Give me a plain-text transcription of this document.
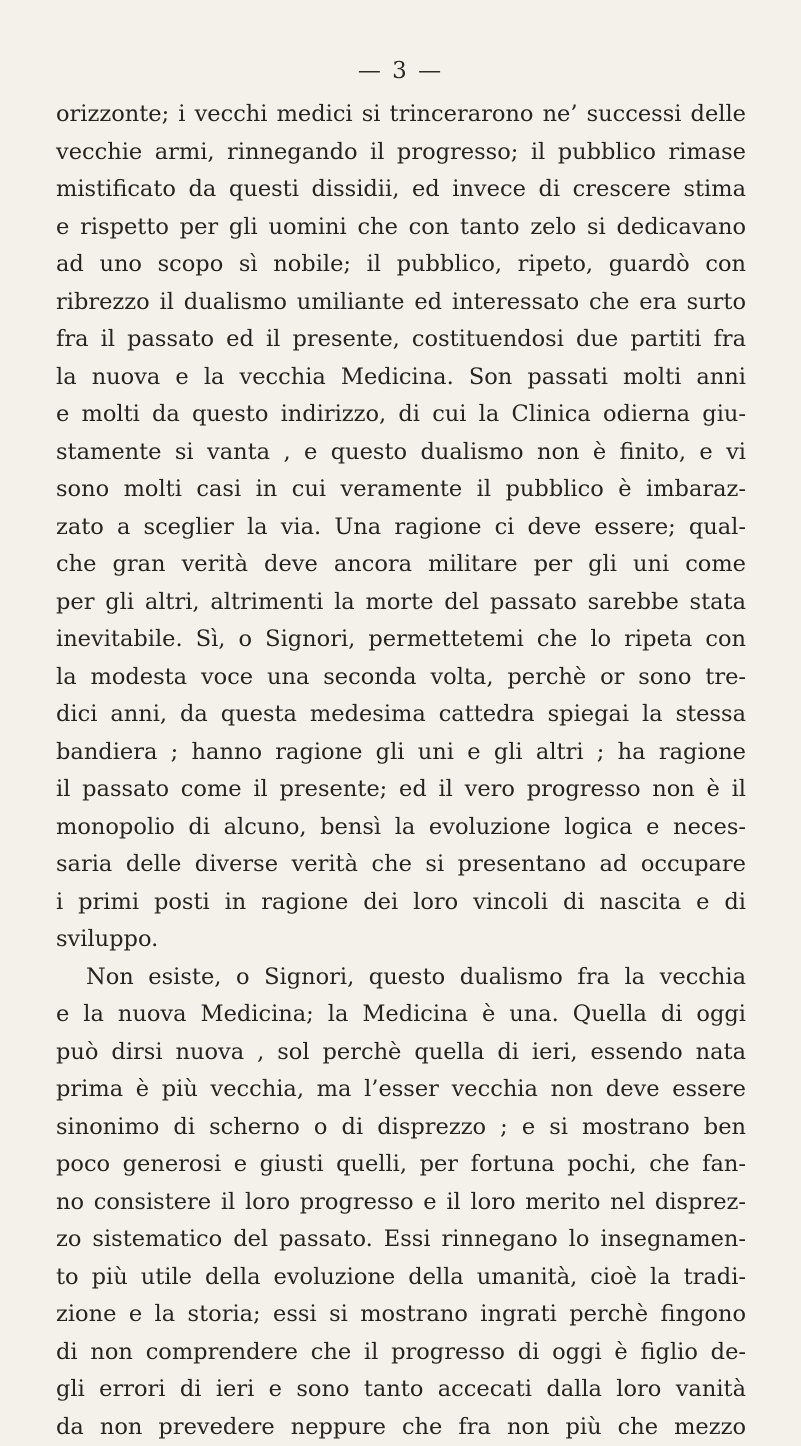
— 3 —
orizzonte; i vecchi medici si trincerarono ne’ successi delle
vecchie armi, rinnegando il progresso; il pubblico rimase
mistificato da questi dissidii, ed invece di crescere stima
e rispetto per gli uomini che con tanto zelo si dedicavano
ad uno scopo sì nobile; il pubblico, ripeto, guardò con
ribrezzo il dualismo umiliante ed interessato che era surto
fra il passato ed il presente, costituendosi due partiti fra
la nuova e la vecchia Medicina. Son passati molti anni
e molti da questo indirizzo, di cui la Clinica odierna giu-
stamente si vanta , e questo dualismo non è finito, e vi
sono molti casi in cui veramente il pubblico è imbaraz-
zato a sceglier la via. Una ragione ci deve essere; qual-
che gran verità deve ancora militare per gli uni come
per gli altri, altrimenti la morte del passato sarebbe stata
inevitabile. Sì, o Signori, permettetemi che lo ripeta con
la modesta voce una seconda volta, perchè or sono tre-
dici anni, da questa medesima cattedra spiegai la stessa
bandiera ; hanno ragione gli uni e gli altri ; ha ragione
il passato come il presente; ed il vero progresso non è il
monopolio di alcuno, bensì la evoluzione logica e neces-
saria delle diverse verità che si presentano ad occupare
i primi posti in ragione dei loro vincoli di nascita e di
sviluppo.
Non esiste, o Signori, questo dualismo fra la vecchia
e la nuova Medicina; la Medicina è una. Quella di oggi
può dirsi nuova , sol perchè quella di ieri, essendo nata
prima è più vecchia, ma l’esser vecchia non deve essere
sinonimo di scherno o di disprezzo ; e si mostrano ben
poco generosi e giusti quelli, per fortuna pochi, che fan-
no consistere il loro progresso e il loro merito nel disprez-
zo sistematico del passato. Essi rinnegano lo insegnamen-
to più utile della evoluzione della umanità, cioè la tradi-
zione e la storia; essi si mostrano ingrati perchè fingono
di non comprendere che il progresso di oggi è figlio de-
gli errori di ieri e sono tanto accecati dalla loro vanità
da non prevedere neppure che fra non più che mezzo
